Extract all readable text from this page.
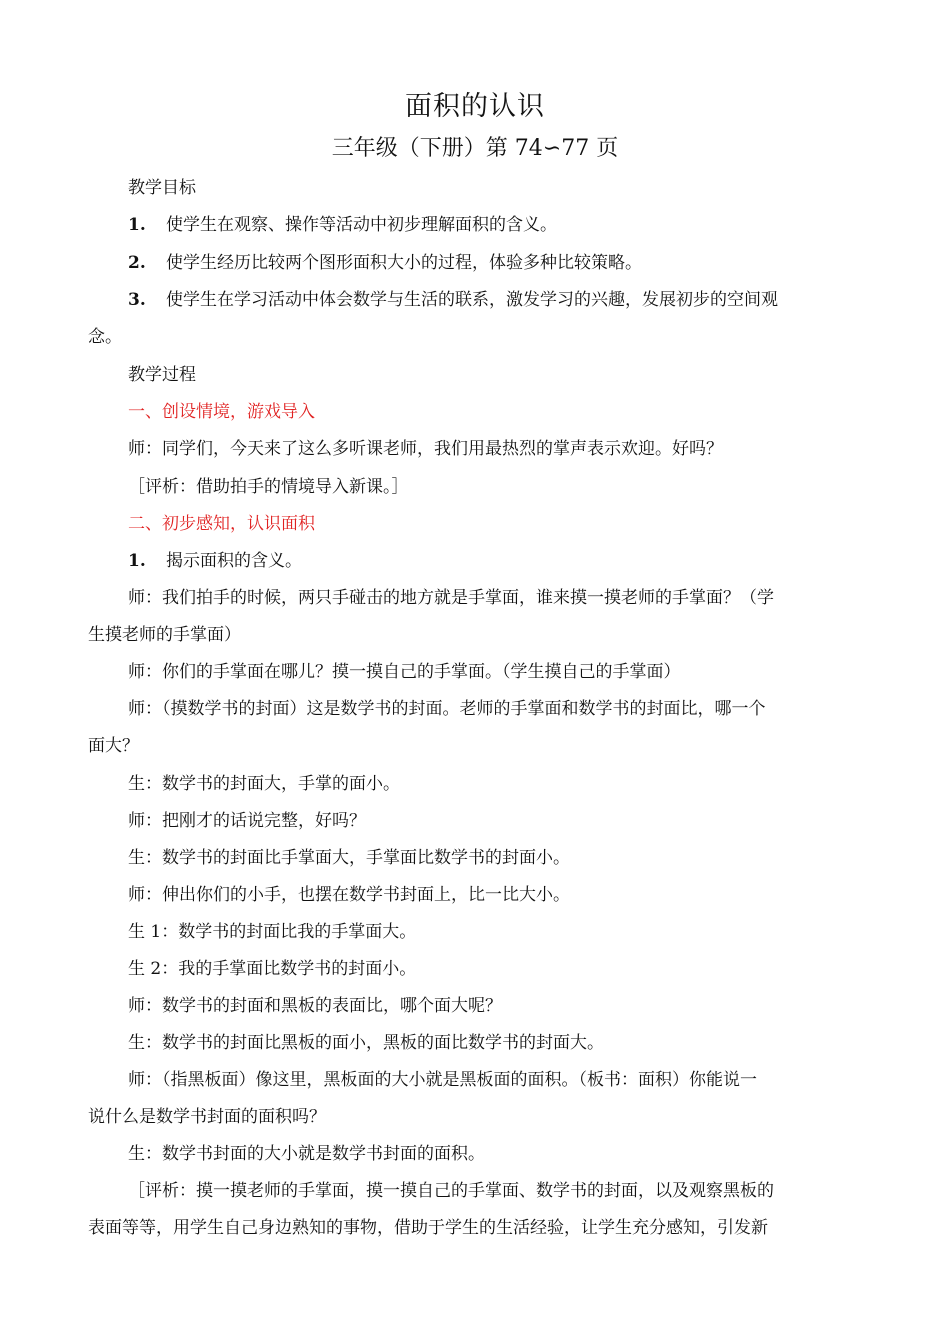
面积的认识
三年级（下册）第 74∽77 页
教学目标
1. 使学生在观察、操作等活动中初步理解面积的含义。
2. 使学生经历比较两个图形面积大小的过程，体验多种比较策略。
3. 使学生在学习活动中体会数学与生活的联系，激发学习的兴趣，发展初步的空间观
念。
教学过程
一、创设情境，游戏导入
师：同学们，今天来了这么多听课老师，我们用最热烈的掌声表示欢迎。好吗？
［评析：借助拍手的情境导入新课。］
二、初步感知，认识面积
1. 揭示面积的含义。
师：我们拍手的时候，两只手碰击的地方就是手掌面，谁来摸一摸老师的手掌面？（学
生摸老师的手掌面）
师：你们的手掌面在哪儿？摸一摸自己的手掌面。（学生摸自己的手掌面）
师：（摸数学书的封面）这是数学书的封面。老师的手掌面和数学书的封面比，哪一个
面大？
生：数学书的封面大，手掌的面小。
师：把刚才的话说完整，好吗？
生：数学书的封面比手掌面大，手掌面比数学书的封面小。
师：伸出你们的小手，也摆在数学书封面上，比一比大小。
生 1：数学书的封面比我的手掌面大。
生 2：我的手掌面比数学书的封面小。
师：数学书的封面和黑板的表面比，哪个面大呢？
生：数学书的封面比黑板的面小，黑板的面比数学书的封面大。
师：（指黑板面）像这里，黑板面的大小就是黑板面的面积。（板书：面积）你能说一
说什么是数学书封面的面积吗？
生：数学书封面的大小就是数学书封面的面积。
［评析：摸一摸老师的手掌面，摸一摸自己的手掌面、数学书的封面，以及观察黑板的
表面等等，用学生自己身边熟知的事物，借助于学生的生活经验，让学生充分感知，引发新
